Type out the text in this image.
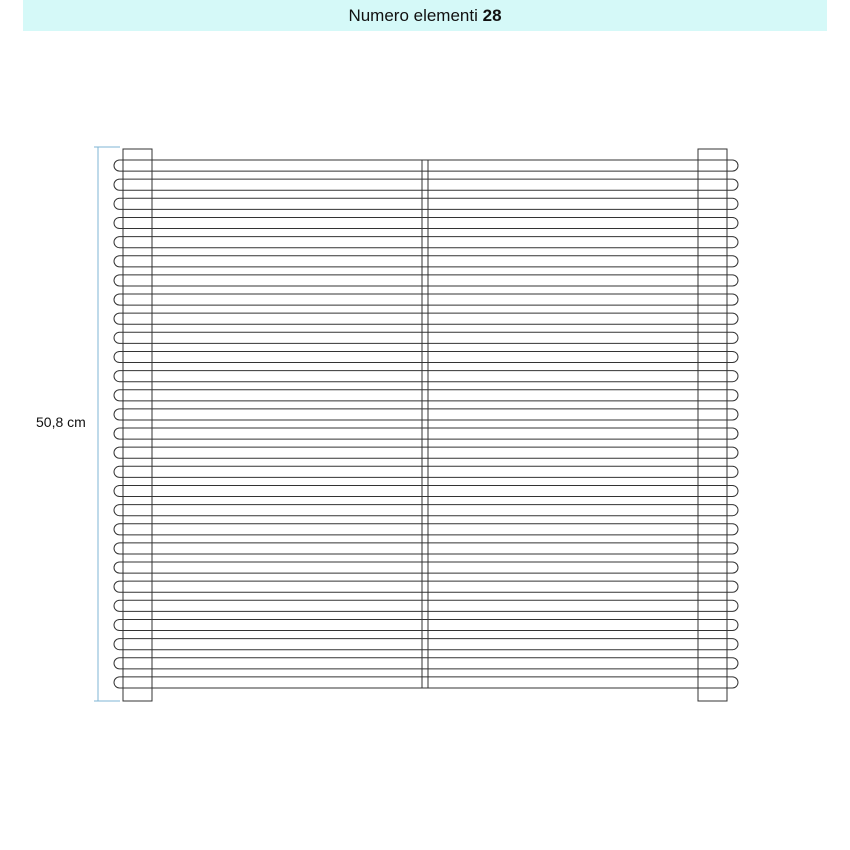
Numero elementi 28
50,8 cm
